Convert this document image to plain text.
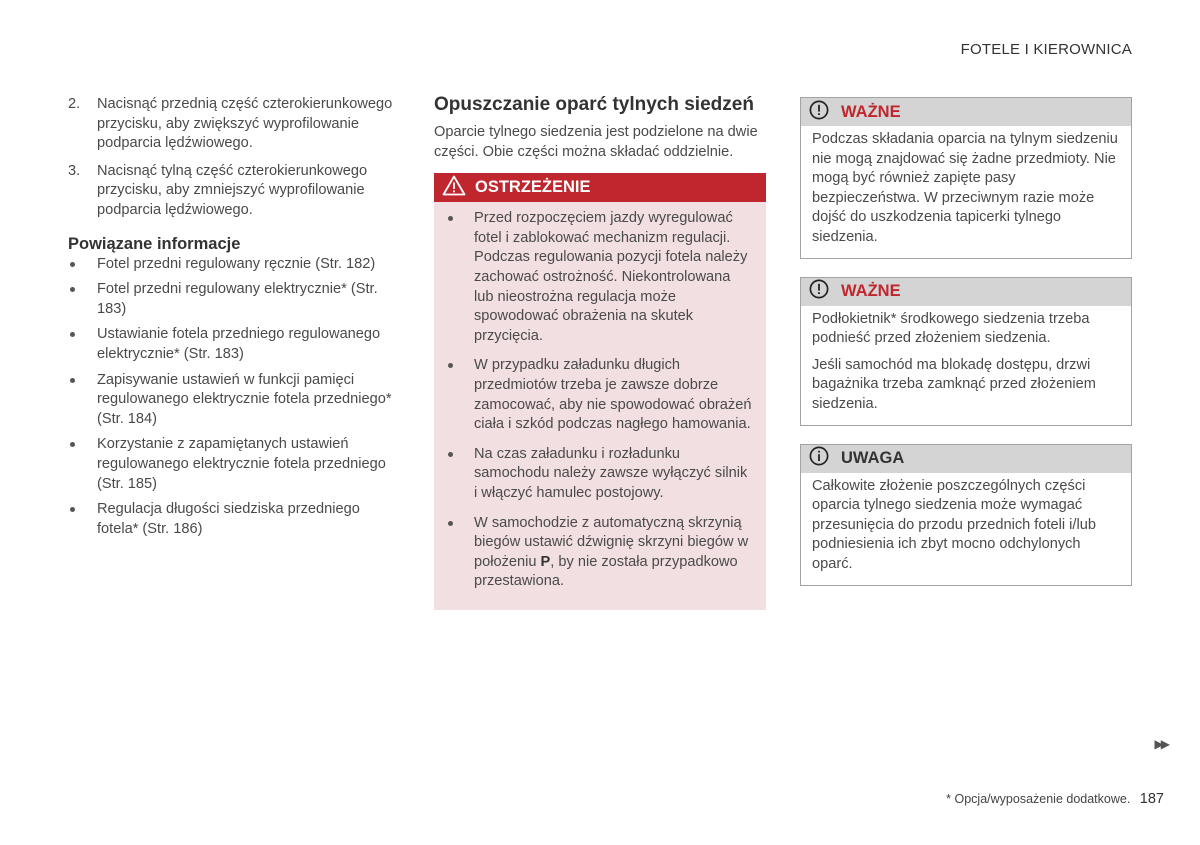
FOTELE I KIEROWNICA
2. Nacisnąć przednią część czterokierunkowego przycisku, aby zwiększyć wyprofilowanie podparcia lędźwiowego.
3. Nacisnąć tylną część czterokierunkowego przycisku, aby zmniejszyć wyprofilowanie podparcia lędźwiowego.
Powiązane informacje
Fotel przedni regulowany ręcznie (Str. 182)
Fotel przedni regulowany elektrycznie* (Str. 183)
Ustawianie fotela przedniego regulowanego elektrycznie* (Str. 183)
Zapisywanie ustawień w funkcji pamięci regulowanego elektrycznie fotela przedniego* (Str. 184)
Korzystanie z zapamiętanych ustawień regulowanego elektrycznie fotela przedniego (Str. 185)
Regulacja długości siedziska przedniego fotela* (Str. 186)
Opuszczanie oparć tylnych siedzeń
Oparcie tylnego siedzenia jest podzielone na dwie części. Obie części można składać oddzielnie.
OSTRZEŻENIE
Przed rozpoczęciem jazdy wyregulować fotel i zablokować mechanizm regulacji. Podczas regulowania pozycji fotela należy zachować ostrożność. Niekontrolowana lub nieostrożna regulacja może spowodować obrażenia na skutek przycięcia.
W przypadku załadunku długich przedmiotów trzeba je zawsze dobrze zamocować, aby nie spowodować obrażeń ciała i szkód podczas nagłego hamowania.
Na czas załadunku i rozładunku samochodu należy zawsze wyłączyć silnik i włączyć hamulec postojowy.
W samochodzie z automatyczną skrzynią biegów ustawić dźwignię skrzyni biegów w położeniu P, by nie została przypadkowo przestawiona.
WAŻNE

Podczas składania oparcia na tylnym siedzeniu nie mogą znajdować się żadne przedmioty. Nie mogą być również zapięte pasy bezpieczeństwa. W przeciwnym razie może dojść do uszkodzenia tapicerki tylnego siedzenia.

WAŻNE

Podłokietnik* środkowego siedzenia trzeba podnieść przed złożeniem siedzenia.

Jeśli samochód ma blokadę dostępu, drzwi bagażnika trzeba zamknąć przed złożeniem siedzenia.

UWAGA

Całkowite złożenie poszczególnych części oparcia tylnego siedzenia może wymagać przesunięcia do przodu przednich foteli i/lub podniesienia ich zbyt mocno odchylonych oparć.

▶▶
* Opcja/wyposażenie dodatkowe. 187
